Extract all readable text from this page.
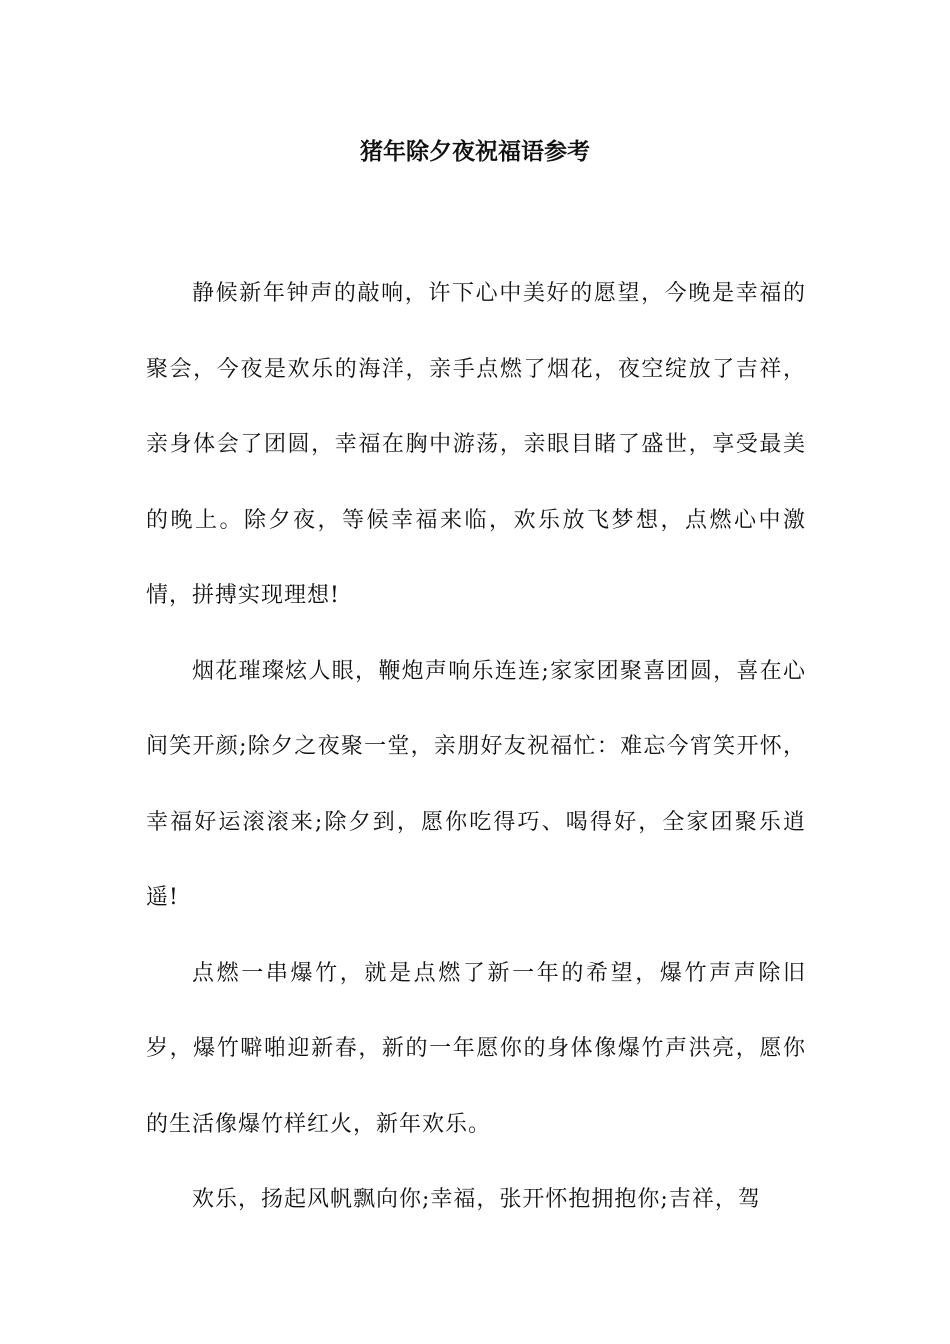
猪年除夕夜祝福语参考

静候新年钟声的敲响，许下心中美好的愿望，今晚是幸福的聚会，今夜是欢乐的海洋，亲手点燃了烟花，夜空绽放了吉祥，亲身体会了团圆，幸福在胸中游荡，亲眼目睹了盛世，享受最美的晚上。除夕夜，等候幸福来临，欢乐放飞梦想，点燃心中激情，拼搏实现理想!

烟花璀璨炫人眼，鞭炮声响乐连连;家家团聚喜团圆，喜在心间笑开颜;除夕之夜聚一堂，亲朋好友祝福忙：难忘今宵笑开怀，幸福好运滚滚来;除夕到，愿你吃得巧、喝得好，全家团聚乐逍遥!

点燃一串爆竹，就是点燃了新一年的希望，爆竹声声除旧岁，爆竹噼啪迎新春，新的一年愿你的身体像爆竹声洪亮，愿你的生活像爆竹样红火，新年欢乐。

欢乐，扬起风帆飘向你;幸福，张开怀抱拥抱你;吉祥，驾
